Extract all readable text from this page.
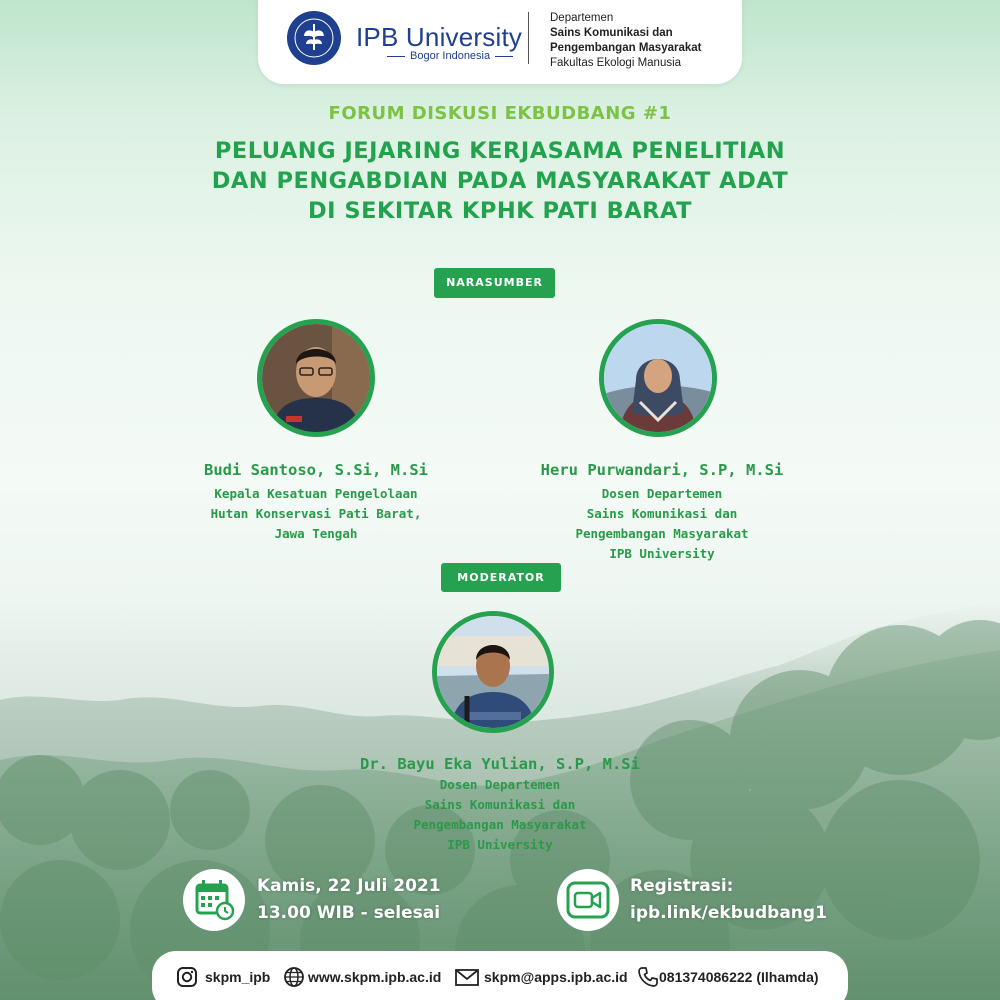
IPB University
Bogor Indonesia
Departemen
Sains Komunikasi dan
Pengembangan Masyarakat
Fakultas Ekologi Manusia
FORUM DISKUSI EKBUDBANG #1
PELUANG JEJARING KERJASAMA PENELITIAN
DAN PENGABDIAN PADA MASYARAKAT ADAT
DI SEKITAR KPHK PATI BARAT
NARASUMBER
Budi Santoso, S.Si, M.Si
Kepala Kesatuan Pengelolaan
Hutan Konservasi Pati Barat,
Jawa Tengah
Heru Purwandari, S.P, M.Si
Dosen Departemen
Sains Komunikasi dan
Pengembangan Masyarakat
IPB University
MODERATOR
Dr. Bayu Eka Yulian, S.P, M.Si
Dosen Departemen
Sains Komunikasi dan
Pengembangan Masyarakat
IPB University
Kamis, 22 Juli 2021
13.00 WIB - selesai
Registrasi:
ipb.link/ekbudbang1
skpm_ipb	www.skpm.ipb.ac.id	skpm@apps.ipb.ac.id 081374086222 (Ilhamda)
